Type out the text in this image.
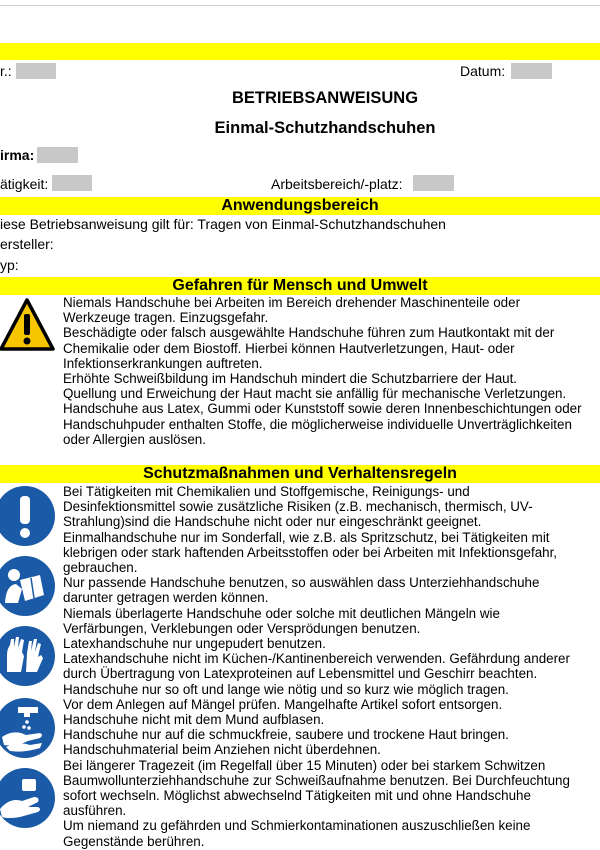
r.:	Datum:
BETRIEBSANWEISUNG
Einmal-Schutzhandschuhen
irma:
ätigkeit:	Arbeitsbereich/-platz:
Anwendungsbereich
iese Betriebsanweisung gilt für: Tragen von Einmal-Schutzhandschuhen
ersteller:
yp:
Gefahren für Mensch und Umwelt
Niemals Handschuhe bei Arbeiten im Bereich drehender Maschinenteile oder
Werkzeuge tragen. Einzugsgefahr.
Beschädigte oder falsch ausgewählte Handschuhe führen zum Hautkontakt mit der
Chemikalie oder dem Biostoff. Hierbei können Hautverletzungen, Haut- oder
Infektionserkrankungen auftreten.
Erhöhte Schweißbildung im Handschuh mindert die Schutzbarriere der Haut.
Quellung und Erweichung der Haut macht sie anfällig für mechanische Verletzungen.
Handschuhe aus Latex, Gummi oder Kunststoff sowie deren Innenbeschichtungen oder
Handschuhpuder enthalten Stoffe, die möglicherweise individuelle Unverträglichkeiten
oder Allergien auslösen.
Schutzmaßnahmen und Verhaltensregeln
Bei Tätigkeiten mit Chemikalien und Stoffgemische, Reinigungs- und
Desinfektionsmittel sowie zusätzliche Risiken (z.B. mechanisch, thermisch, UV-
Strahlung)sind die Handschuhe nicht oder nur eingeschränkt geeignet.
Einmalhandschuhe nur im Sonderfall, wie z.B. als Spritzschutz, bei Tätigkeiten mit
klebrigen oder stark haftenden Arbeitsstoffen oder bei Arbeiten mit Infektionsgefahr,
gebrauchen.
Nur passende Handschuhe benutzen, so auswählen dass Unterziehhandschuhe
darunter getragen werden können.
Niemals überlagerte Handschuhe oder solche mit deutlichen Mängeln wie
Verfärbungen, Verklebungen oder Versprödungen benutzen.
Latexhandschuhe nur ungepudert benutzen.
Latexhandschuhe nicht im Küchen-/Kantinenbereich verwenden. Gefährdung anderer
durch Übertragung von Latexproteinen auf Lebensmittel und Geschirr beachten.
Handschuhe nur so oft und lange wie nötig und so kurz wie möglich tragen.
Vor dem Anlegen auf Mängel prüfen. Mangelhafte Artikel sofort entsorgen.
Handschuhe nicht mit dem Mund aufblasen.
Handschuhe nur auf die schmuckfreie, saubere und trockene Haut bringen.
Handschuhmaterial beim Anziehen nicht überdehnen.
Bei längerer Tragezeit (im Regelfall über 15 Minuten) oder bei starkem Schwitzen
Baumwollunterziehhandschuhe zur Schweißaufnahme benutzen. Bei Durchfeuchtung
sofort wechseln. Möglichst abwechselnd Tätigkeiten mit und ohne Handschuhe
ausführen.
Um niemand zu gefährden und Schmierkontaminationen auszuschließen keine
Gegenstände berühren.
